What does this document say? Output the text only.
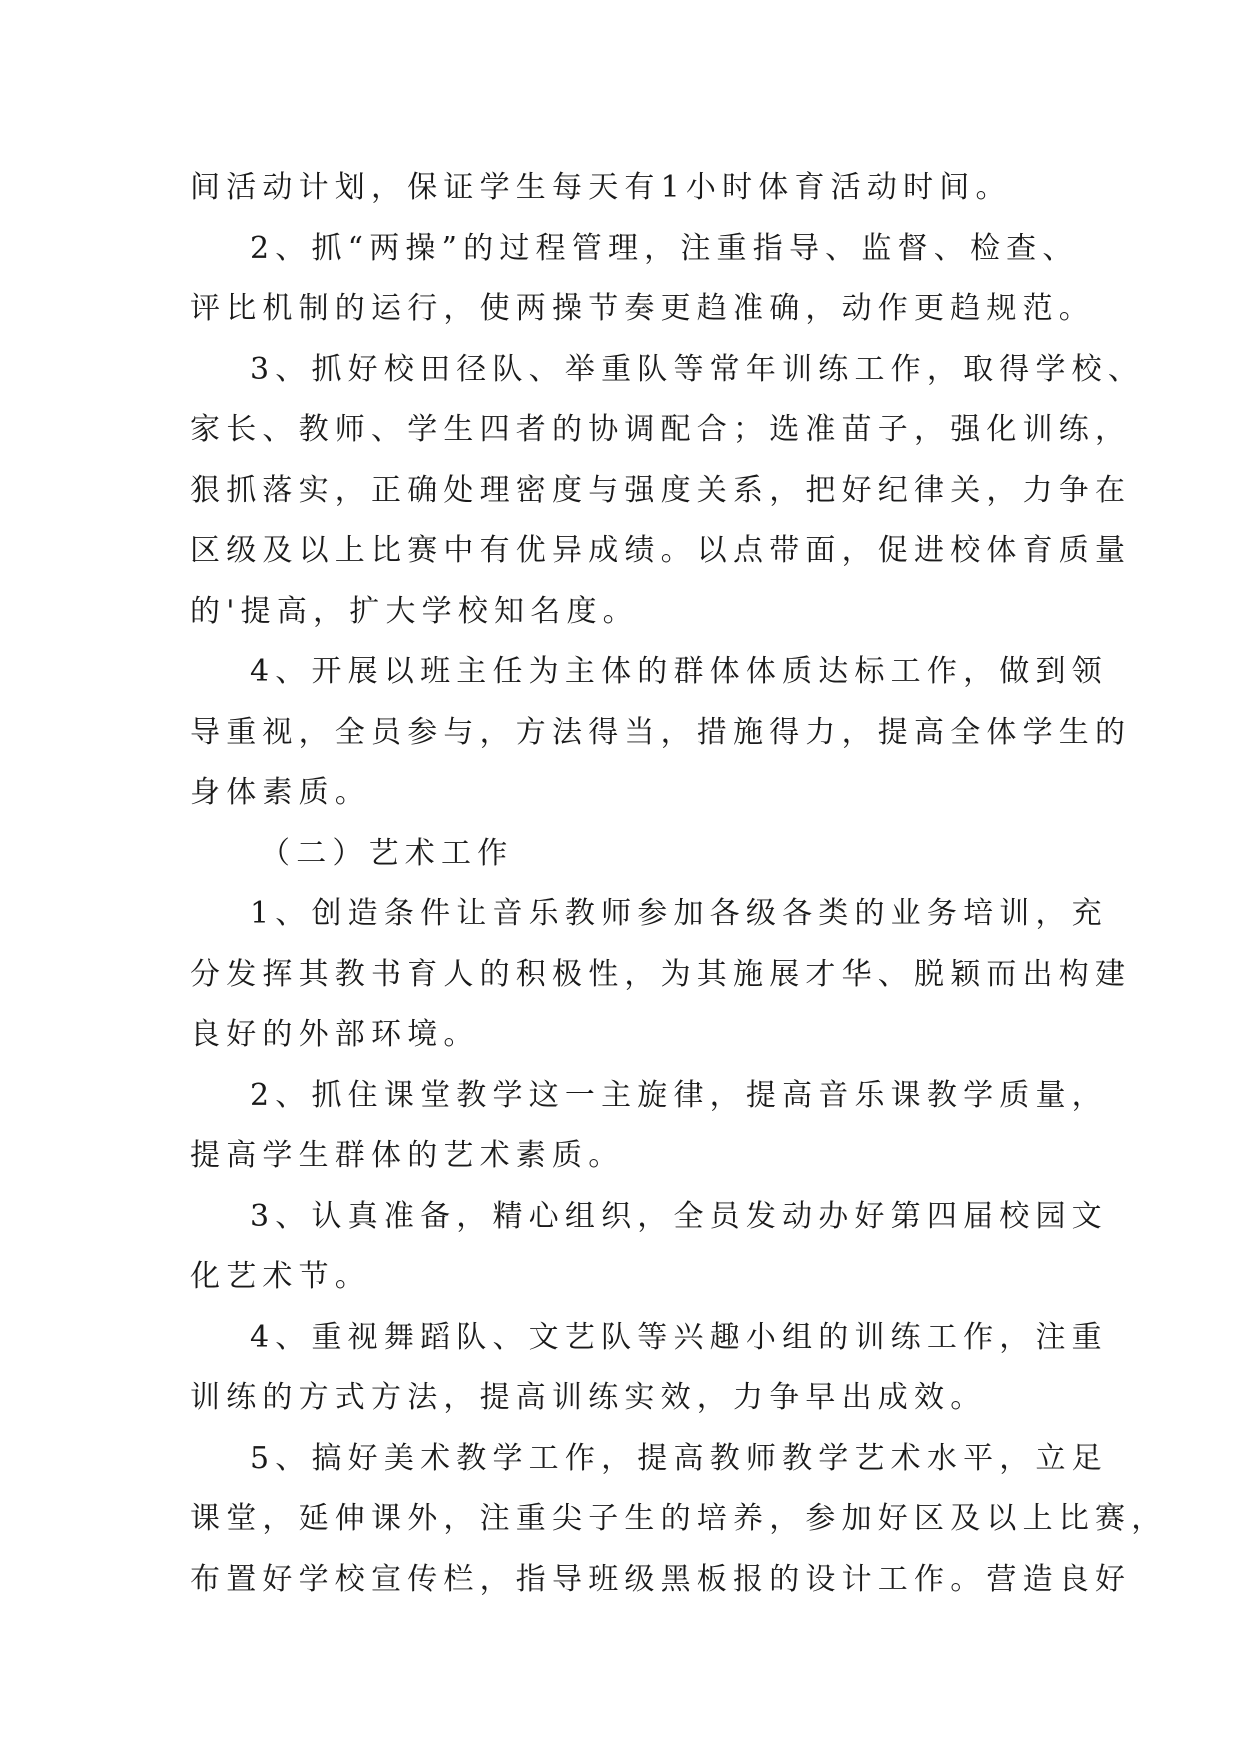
间活动计划，保证学生每天有1小时体育活动时间。
2、抓“两操”的过程管理，注重指导、监督、检查、
评比机制的运行，使两操节奏更趋准确，动作更趋规范。
3、抓好校田径队、举重队等常年训练工作，取得学校、
家长、教师、学生四者的协调配合；选准苗子，强化训练，
狠抓落实，正确处理密度与强度关系，把好纪律关，力争在
区级及以上比赛中有优异成绩。以点带面，促进校体育质量
的'提高，扩大学校知名度。
4、开展以班主任为主体的群体体质达标工作，做到领
导重视，全员参与，方法得当，措施得力，提高全体学生的
身体素质。
（二）艺术工作
1、创造条件让音乐教师参加各级各类的业务培训，充
分发挥其教书育人的积极性，为其施展才华、脱颖而出构建
良好的外部环境。
2、抓住课堂教学这一主旋律，提高音乐课教学质量，
提高学生群体的艺术素质。
3、认真准备，精心组织，全员发动办好第四届校园文
化艺术节。
4、重视舞蹈队、文艺队等兴趣小组的训练工作，注重
训练的方式方法，提高训练实效，力争早出成效。
5、搞好美术教学工作，提高教师教学艺术水平，立足
课堂，延伸课外，注重尖子生的培养，参加好区及以上比赛，
布置好学校宣传栏，指导班级黑板报的设计工作。营造良好
